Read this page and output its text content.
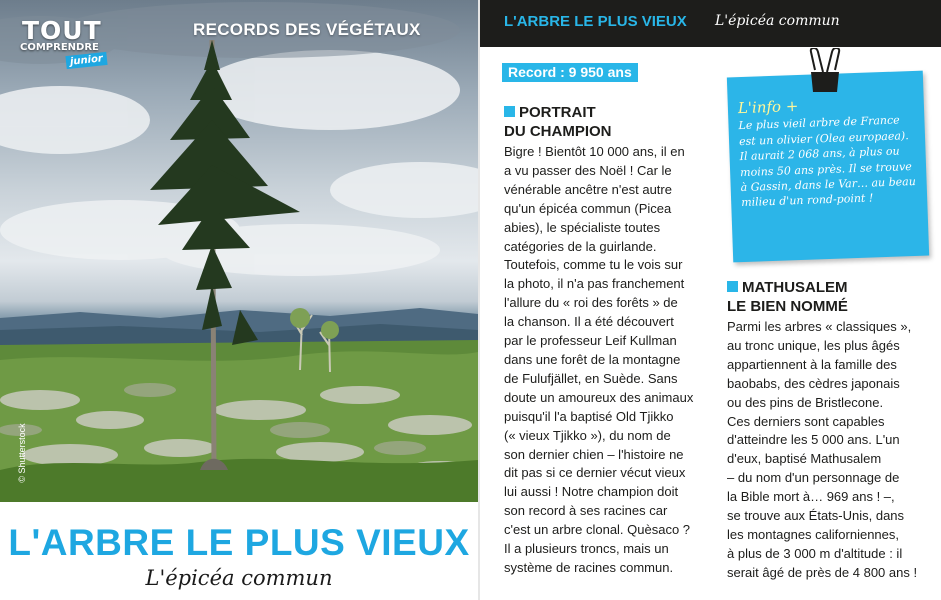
TOUT
COMPRENDRE
junior
RECORDS DES VÉGÉTAUX
© Shutterstock
L'ARBRE LE PLUS VIEUX
L'épicéa commun
L'ARBRE LE PLUS VIEUX L'épicéa commun
Record : 9 950 ans
PORTRAIT
DU CHAMPION
Bigre ! Bientôt 10 000 ans, il en
a vu passer des Noël ! Car le
vénérable ancêtre n'est autre
qu'un épicéa commun (Picea
abies), le spécialiste toutes
catégories de la guirlande.
Toutefois, comme tu le vois sur
la photo, il n'a pas franchement
l'allure du « roi des forêts » de
la chanson. Il a été découvert
par le professeur Leif Kullman
dans une forêt de la montagne
de Fulufjället, en Suède. Sans
doute un amoureux des animaux
puisqu'il l'a baptisé Old Tjikko
(« vieux Tjikko »), du nom de
son dernier chien – l'histoire ne
dit pas si ce dernier vécut vieux
lui aussi ! Notre champion doit
son record à ses racines car
c'est un arbre clonal. Quèsaco ?
Il a plusieurs troncs, mais un
système de racines commun.
L'info +
Le plus vieil arbre de France
est un olivier (Olea europaea).
Il aurait 2 068 ans, à plus ou
moins 50 ans près. Il se trouve
à Gassin, dans le Var… au beau
milieu d'un rond-point !
MATHUSALEM
LE BIEN NOMMÉ
Parmi les arbres « classiques »,
au tronc unique, les plus âgés
appartiennent à la famille des
baobabs, des cèdres japonais
ou des pins de Bristlecone.
Ces derniers sont capables
d'atteindre les 5 000 ans. L'un
d'eux, baptisé Mathusalem
– du nom d'un personnage de
la Bible mort à… 969 ans ! –,
se trouve aux États-Unis, dans
les montagnes californiennes,
à plus de 3 000 m d'altitude : il
serait âgé de près de 4 800 ans !
